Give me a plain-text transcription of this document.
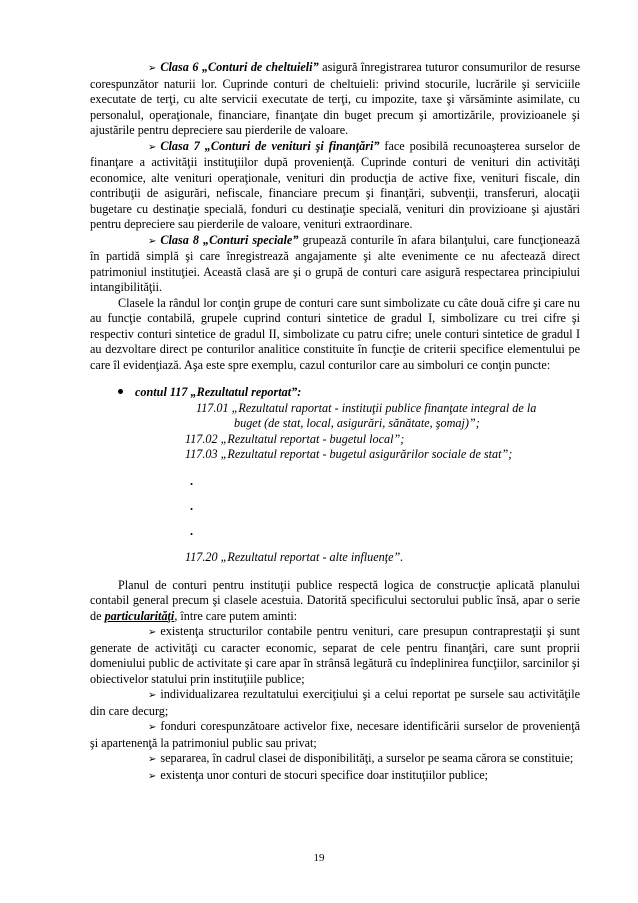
➢ Clasa 6 „Conturi de cheltuieli” asigură înregistrarea tuturor consumurilor de resurse corespunzător naturii lor. Cuprinde conturi de cheltuieli: privind stocurile, lucrările şi serviciile executate de terţi, cu alte servicii executate de terţi, cu impozite, taxe şi vărsăminte asimilate, cu personalul, operaţionale, financiare, finanţate din buget precum şi amortizările, provizioanele şi ajustările pentru depreciere sau pierderile de valoare.

➢ Clasa 7 „Conturi de venituri şi finanţări” face posibilă recunoaşterea surselor de finanţare a activităţii instituţiilor după provenienţă. Cuprinde conturi de venituri din activităţi economice, alte venituri operaţionale, venituri din producţia de active fixe, venituri fiscale, din contribuţii de asigurări, nefiscale, financiare precum şi finanţări, subvenţii, transferuri, alocaţii bugetare cu destinaţie specială, fonduri cu destinaţie specială, venituri din provizioane şi ajustări pentru depreciere sau pierderile de valoare, venituri extraordinare.

➢ Clasa 8 „Conturi speciale” grupează conturile în afara bilanţului, care funcţionează în partidă simplă şi care înregistrează angajamente şi alte evenimente ce nu afectează direct patrimoniul instituţiei. Această clasă are şi o grupă de conturi care asigură respectarea principiului intangibilităţii.

Clasele la rândul lor conţin grupe de conturi care sunt simbolizate cu câte două cifre şi care nu au funcţie contabilă, grupele cuprind conturi sintetice de gradul I, simbolizare cu trei cifre şi respectiv conturi sintetice de gradul II, simbolizate cu patru cifre; unele conturi sintetice de gradul I au dezvoltare direct pe conturilor analitice constituite în funcţie de criterii specifice elementului pe care îl evidenţiază. Aşa este spre exemplu, cazul conturilor care au simboluri ce conţin puncte:

contul 117 „Rezultatul reportat”:

117.01 „Rezultatul raportat - instituţii publice finanţate integral de la

buget (de stat, local, asigurări, sănătate, şomaj)”;

117.02 „Rezultatul reportat - bugetul local”;

117.03 „Rezultatul reportat - bugetul asigurărilor sociale de stat”;

.

.

.

117.20 „Rezultatul reportat - alte influenţe”.

Planul de conturi pentru instituţii publice respectă logica de construcţie aplicată planului contabil general precum şi clasele acestuia. Datorită specificului sectorului public însă, apar o serie de particularităţi, între care putem aminti:

➢ existenţa structurilor contabile pentru venituri, care presupun contraprestaţii şi sunt generate de activităţi cu caracter economic, separat de cele pentru finanţări, care sunt proprii domeniului public de activitate şi care apar în strânsă legătură cu îndeplinirea funcţiilor, sarcinilor şi obiectivelor statului prin instituţiile publice;

➢ individualizarea rezultatului exerciţiului şi a celui reportat pe sursele sau activităţile din care decurg;

➢ fonduri corespunzătoare activelor fixe, necesare identificării surselor de provenienţă şi apartenenţă la patrimoniul public sau privat;

➢ separarea, în cadrul clasei de disponibilităţi, a surselor pe seama cărora se constituie;

➢ existenţa unor conturi de stocuri specifice doar instituţiilor publice;

19
